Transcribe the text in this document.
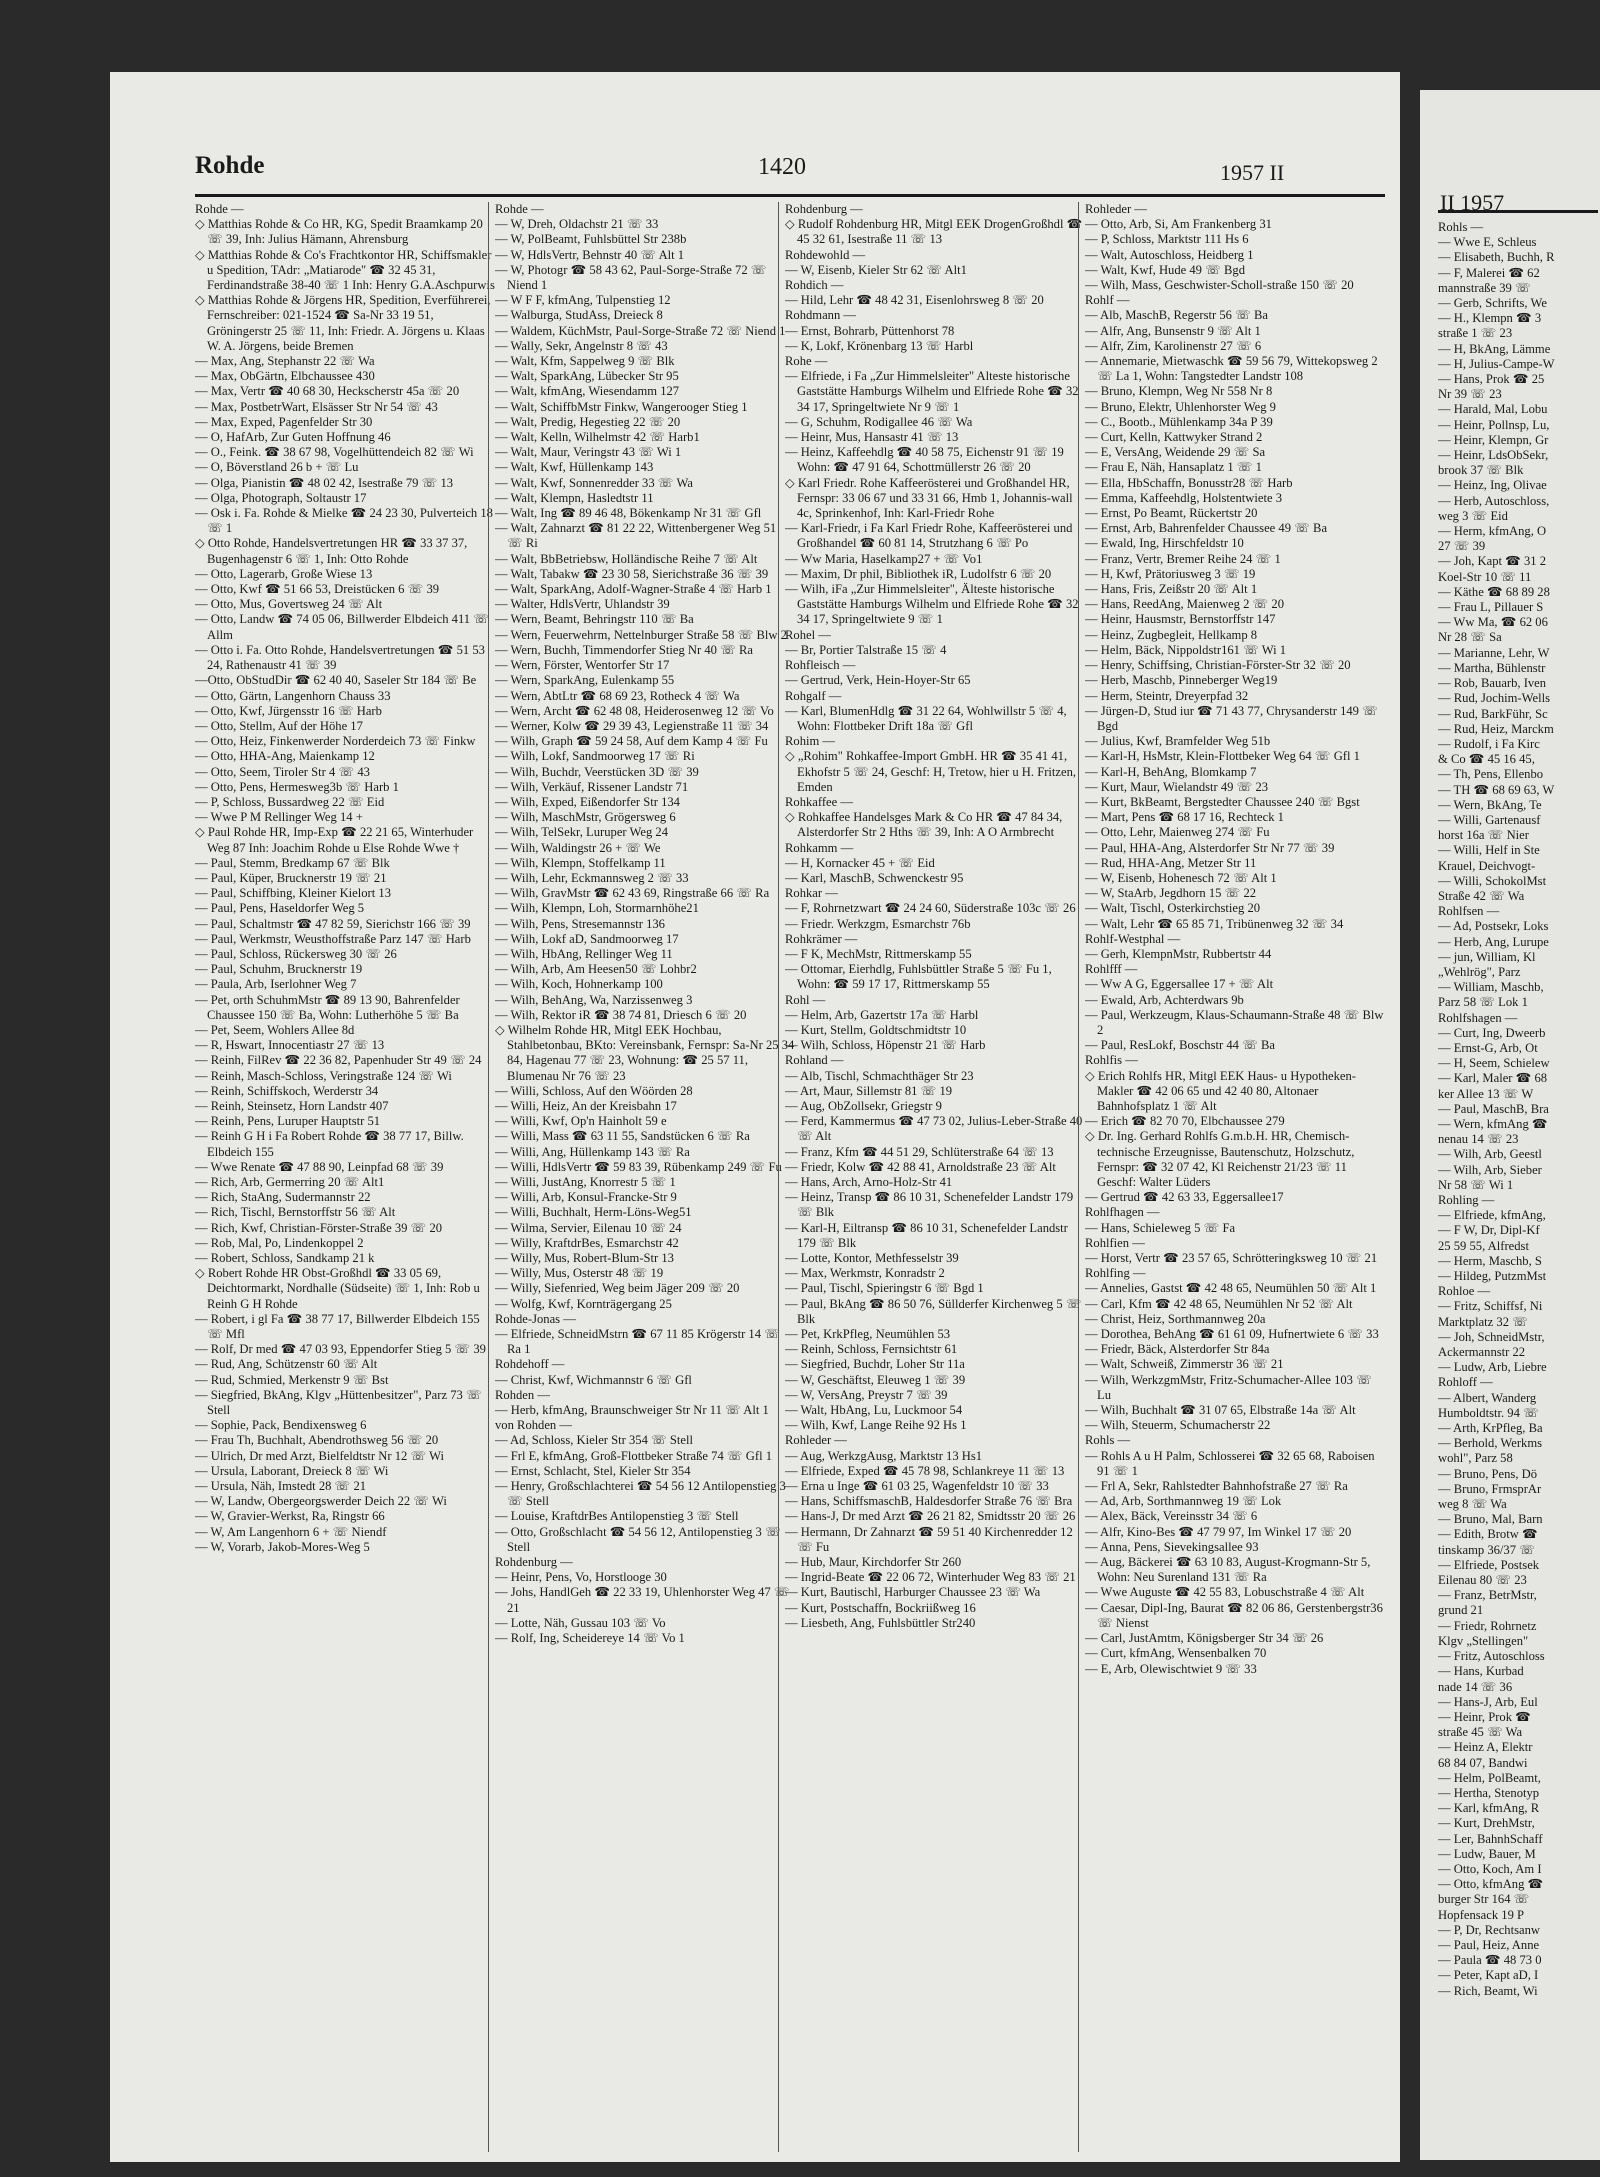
Rohde	1420	1957 II

Rohde —

◇ Matthias Rohde & Co HR, KG, Spedit Braamkamp 20 ☏ 39, Inh: Julius Hämann, Ahrensburg

◇ Matthias Rohde & Co's Frachtkontor HR, Schiffsmakler u Spedition, TAdr: „Matiarode" ☎ 32 45 31, Ferdinandstraße 38-40 ☏ 1 Inh: Henry G.A.Aschpurwis

◇ Matthias Rohde & Jörgens HR, Spedition, Everführerei, Fernschreiber: 021-1524 ☎ Sa-Nr 33 19 51, Gröningerstr 25 ☏ 11, Inh: Friedr. A. Jörgens u. Klaas W. A. Jörgens, beide Bremen

— Max, Ang, Stephanstr 22 ☏ Wa

— Max, ObGärtn, Elbchaussee 430

— Max, Vertr ☎ 40 68 30, Heckscherstr 45a ☏ 20

— Max, PostbetrWart, Elsässer Str Nr 54 ☏ 43

— Max, Exped, Pagenfelder Str 30

— O, HafArb, Zur Guten Hoffnung 46

— O., Feink. ☎ 38 67 98, Vogelhüttendeich 82 ☏ Wi

— O, Böverstland 26 b + ☏ Lu

— Olga, Pianistin ☎ 48 02 42, Isestraße 79 ☏ 13

— Olga, Photograph, Soltaustr 17

— Osk i. Fa. Rohde & Mielke ☎ 24 23 30, Pulverteich 18 ☏ 1

◇ Otto Rohde, Handelsvertretungen HR ☎ 33 37 37, Bugenhagenstr 6 ☏ 1, Inh: Otto Rohde

— Otto, Lagerarb, Große Wiese 13

— Otto, Kwf ☎ 51 66 53, Dreistücken 6 ☏ 39

— Otto, Mus, Govertsweg 24 ☏ Alt

— Otto, Landw ☎ 74 05 06, Billwerder Elbdeich 411 ☏ Allm

— Otto i. Fa. Otto Rohde, Handelsvertretungen ☎ 51 53 24, Rathenaustr 41 ☏ 39

—Otto, ObStudDir ☎ 62 40 40, Saseler Str 184 ☏ Be

— Otto, Gärtn, Langenhorn Chauss 33

— Otto, Kwf, Jürgensstr 16 ☏ Harb

— Otto, Stellm, Auf der Höhe 17

— Otto, Heiz, Finkenwerder Norderdeich 73 ☏ Finkw

— Otto, HHA-Ang, Maienkamp 12

— Otto, Seem, Tiroler Str 4 ☏ 43

— Otto, Pens, Hermesweg3b ☏ Harb 1

— P, Schloss, Bussardweg 22 ☏ Eid

— Wwe P M Rellinger Weg 14 +

◇ Paul Rohde HR, Imp-Exp ☎ 22 21 65, Winterhuder Weg 87 Inh: Joachim Rohde u Else Rohde Wwe †

— Paul, Stemm, Bredkamp 67 ☏ Blk

— Paul, Küper, Brucknerstr 19 ☏ 21

— Paul, Schiffbing, Kleiner Kielort 13

— Paul, Pens, Haseldorfer Weg 5

— Paul, Schaltmstr ☎ 47 82 59, Sierichstr 166 ☏ 39

— Paul, Werkmstr, Weusthoffstraße Parz 147 ☏ Harb

— Paul, Schloss, Rückersweg 30 ☏ 26

— Paul, Schuhm, Brucknerstr 19

— Paula, Arb, Iserlohner Weg 7

— Pet, orth SchuhmMstr ☎ 89 13 90, Bahrenfelder Chaussee 150 ☏ Ba, Wohn: Lutherhöhe 5 ☏ Ba

— Pet, Seem, Wohlers Allee 8d

— R, Hswart, Innocentiastr 27 ☏ 13

— Reinh, FilRev ☎ 22 36 82, Papenhuder Str 49 ☏ 24

— Reinh, Masch-Schloss, Veringstraße 124 ☏ Wi

— Reinh, Schiffskoch, Werderstr 34

— Reinh, Steinsetz, Horn Landstr 407

— Reinh, Pens, Luruper Hauptstr 51

— Reinh G H i Fa Robert Rohde ☎ 38 77 17, Billw. Elbdeich 155

— Wwe Renate ☎ 47 88 90, Leinpfad 68 ☏ 39

— Rich, Arb, Germerring 20 ☏ Alt1

— Rich, StaAng, Sudermannstr 22

— Rich, Tischl, Bernstorffstr 56 ☏ Alt

— Rich, Kwf, Christian-Förster-Straße 39 ☏ 20

— Rob, Mal, Po, Lindenkoppel 2

— Robert, Schloss, Sandkamp 21 k

◇ Robert Rohde HR Obst-Großhdl ☎ 33 05 69, Deichtormarkt, Nordhalle (Südseite) ☏ 1, Inh: Rob u Reinh G H Rohde

— Robert, i gl Fa ☎ 38 77 17, Billwerder Elbdeich 155 ☏ Mfl

— Rolf, Dr med ☎ 47 03 93, Eppendorfer Stieg 5 ☏ 39

— Rud, Ang, Schützenstr 60 ☏ Alt

— Rud, Schmied, Merkenstr 9 ☏ Bst

— Siegfried, BkAng, Klgv „Hüttenbesitzer", Parz 73 ☏ Stell

— Sophie, Pack, Bendixensweg 6

— Frau Th, Buchhalt, Abendrothsweg 56 ☏ 20

— Ulrich, Dr med Arzt, Bielfeldtstr Nr 12 ☏ Wi

— Ursula, Laborant, Dreieck 8 ☏ Wi

— Ursula, Näh, Imstedt 28 ☏ 21

— W, Landw, Obergeorgswerder Deich 22 ☏ Wi

— W, Gravier-Werkst, Ra, Ringstr 66

— W, Am Langenhorn 6 + ☏ Niendf

— W, Vorarb, Jakob-Mores-Weg 5

Rohde —

— W, Dreh, Oldachstr 21 ☏ 33

— W, PolBeamt, Fuhlsbüttel Str 238b

— W, HdlsVertr, Behnstr 40 ☏ Alt 1

— W, Photogr ☎ 58 43 62, Paul-Sorge-Straße 72 ☏ Niend 1

— W F F, kfmAng, Tulpenstieg 12

— Walburga, StudAss, Dreieck 8

— Waldem, KüchMstr, Paul-Sorge-Straße 72 ☏ Niend 1

— Wally, Sekr, Angelnstr 8 ☏ 43

— Walt, Kfm, Sappelweg 9 ☏ Blk

— Walt, SparkAng, Lübecker Str 95

— Walt, kfmAng, Wiesendamm 127

— Walt, SchiffbMstr Finkw, Wangerooger Stieg 1

— Walt, Predig, Hegestieg 22 ☏ 20

— Walt, Kelln, Wilhelmstr 42 ☏ Harb1

— Walt, Maur, Veringstr 43 ☏ Wi 1

— Walt, Kwf, Hüllenkamp 143

— Walt, Kwf, Sonnenredder 33 ☏ Wa

— Walt, Klempn, Hasledtstr 11

— Walt, Ing ☎ 89 46 48, Bökenkamp Nr 31 ☏ Gfl

— Walt, Zahnarzt ☎ 81 22 22, Wittenbergener Weg 51 ☏ Ri

— Walt, BbBetriebsw, Holländische Reihe 7 ☏ Alt

— Walt, Tabakw ☎ 23 30 58, Sierichstraße 36 ☏ 39

— Walt, SparkAng, Adolf-Wagner-Straße 4 ☏ Harb 1

— Walter, HdlsVertr, Uhlandstr 39

— Wern, Beamt, Behringstr 110 ☏ Ba

— Wern, Feuerwehrm, Nettelnburger Straße 58 ☏ Blw 2

— Wern, Buchh, Timmendorfer Stieg Nr 40 ☏ Ra

— Wern, Förster, Wentorfer Str 17

— Wern, SparkAng, Eulenkamp 55

— Wern, AbtLtr ☎ 68 69 23, Rotheck 4 ☏ Wa

— Wern, Archt ☎ 62 48 08, Heiderosenweg 12 ☏ Vo

— Werner, Kolw ☎ 29 39 43, Legienstraße 11 ☏ 34

— Wilh, Graph ☎ 59 24 58, Auf dem Kamp 4 ☏ Fu

— Wilh, Lokf, Sandmoorweg 17 ☏ Ri

— Wilh, Buchdr, Veerstücken 3D ☏ 39

— Wilh, Verkäuf, Rissener Landstr 71

— Wilh, Exped, Eißendorfer Str 134

— Wilh, MaschMstr, Grögersweg 6

— Wilh, TelSekr, Luruper Weg 24

— Wilh, Waldingstr 26 + ☏ We

— Wilh, Klempn, Stoffelkamp 11

— Wilh, Lehr, Eckmannsweg 2 ☏ 33

— Wilh, GravMstr ☎ 62 43 69, Ringstraße 66 ☏ Ra

— Wilh, Klempn, Loh, Stormarnhöhe21

— Wilh, Pens, Stresemannstr 136

— Wilh, Lokf aD, Sandmoorweg 17

— Wilh, HbAng, Rellinger Weg 11

— Wilh, Arb, Am Heesen50 ☏ Lohbr2

— Wilh, Koch, Hohnerkamp 100

— Wilh, BehAng, Wa, Narzissenweg 3

— Wilh, Rektor iR ☎ 38 74 81, Driesch 6 ☏ 20

◇ Wilhelm Rohde HR, Mitgl EEK Hochbau, Stahlbetonbau, BKto: Vereinsbank, Fernspr: Sa-Nr 25 34 84, Hagenau 77 ☏ 23, Wohnung: ☎ 25 57 11, Blumenau Nr 76 ☏ 23

— Willi, Schloss, Auf den Wöörden 28

— Willi, Heiz, An der Kreisbahn 17

— Willi, Kwf, Op'n Hainholt 59 e

— Willi, Mass ☎ 63 11 55, Sandstücken 6 ☏ Ra

— Willi, Ang, Hüllenkamp 143 ☏ Ra

— Willi, HdlsVertr ☎ 59 83 39, Rübenkamp 249 ☏ Fu

— Willi, JustAng, Knorrestr 5 ☏ 1

— Willi, Arb, Konsul-Francke-Str 9

— Willi, Buchhalt, Herm-Löns-Weg51

— Wilma, Servier, Eilenau 10 ☏ 24

— Willy, KraftdrBes, Esmarchstr 42

— Willy, Mus, Robert-Blum-Str 13

— Willy, Mus, Osterstr 48 ☏ 19

— Willy, Siefenried, Weg beim Jäger 209 ☏ 20

— Wolfg, Kwf, Kornträgergang 25

Rohde-Jonas —

— Elfriede, SchneidMstrn ☎ 67 11 85 Krögerstr 14 ☏ Ra 1

Rohdehoff —

— Christ, Kwf, Wichmannstr 6 ☏ Gfl

Rohden —

— Herb, kfmAng, Braunschweiger Str Nr 11 ☏ Alt 1

von Rohden —

— Ad, Schloss, Kieler Str 354 ☏ Stell

— Frl E, kfmAng, Groß-Flottbeker Straße 74 ☏ Gfl 1

— Ernst, Schlacht, Stel, Kieler Str 354

— Henry, Großschlachterei ☎ 54 56 12 Antilopenstieg 3 ☏ Stell

— Louise, KraftdrBes Antilopenstieg 3 ☏ Stell

— Otto, Großschlacht ☎ 54 56 12, Antilopenstieg 3 ☏ Stell

Rohdenburg —

— Heinr, Pens, Vo, Horstlooge 30

— Johs, HandlGeh ☎ 22 33 19, Uhlenhorster Weg 47 ☏ 21

— Lotte, Näh, Gussau 103 ☏ Vo

— Rolf, Ing, Scheidereye 14 ☏ Vo 1

Rohdenburg —

◇ Rudolf Rohdenburg HR, Mitgl EEK DrogenGroßhdl ☎ 45 32 61, Isestraße 11 ☏ 13

Rohdewohld —

— W, Eisenb, Kieler Str 62 ☏ Alt1

Rohdich —

— Hild, Lehr ☎ 48 42 31, Eisenlohrsweg 8 ☏ 20

Rohdmann —

— Ernst, Bohrarb, Püttenhorst 78

— K, Lokf, Krönenbarg 13 ☏ Harbl

Rohe —

— Elfriede, i Fa „Zur Himmelsleiter" Alteste historische Gaststätte Hamburgs Wilhelm und Elfriede Rohe ☎ 32 34 17, Springeltwiete Nr 9 ☏ 1

— G, Schuhm, Rodigallee 46 ☏ Wa

— Heinr, Mus, Hansastr 41 ☏ 13

— Heinz, Kaffeehdlg ☎ 40 58 75, Eichenstr 91 ☏ 19 Wohn: ☎ 47 91 64, Schottmüllerstr 26 ☏ 20

◇ Karl Friedr. Rohe Kaffeerösterei und Großhandel HR, Fernspr: 33 06 67 und 33 31 66, Hmb 1, Johannis-wall 4c, Sprinkenhof, Inh: Karl-Friedr Rohe

— Karl-Friedr, i Fa Karl Friedr Rohe, Kaffeerösterei und Großhandel ☎ 60 81 14, Strutzhang 6 ☏ Po

— Ww Maria, Haselkamp27 + ☏ Vo1

— Maxim, Dr phil, Bibliothek iR, Ludolfstr 6 ☏ 20

— Wilh, iFa „Zur Himmelsleiter", Älteste historische Gaststätte Hamburgs Wilhelm und Elfriede Rohe ☎ 32 34 17, Springeltwiete 9 ☏ 1

Rohel —

— Br, Portier Talstraße 15 ☏ 4

Rohfleisch —

— Gertrud, Verk, Hein-Hoyer-Str 65

Rohgalf —

— Karl, BlumenHdlg ☎ 31 22 64, Wohlwillstr 5 ☏ 4, Wohn: Flottbeker Drift 18a ☏ Gfl

Rohim —

◇ „Rohim" Rohkaffee-Import GmbH. HR ☎ 35 41 41, Ekhofstr 5 ☏ 24, Geschf: H, Tretow, hier u H. Fritzen, Emden

Rohkaffee —

◇ Rohkaffee Handelsges Mark & Co HR ☎ 47 84 34, Alsterdorfer Str 2 Hths ☏ 39, Inh: A O Armbrecht

Rohkamm —

— H, Kornacker 45 + ☏ Eid

— Karl, MaschB, Schwenckestr 95

Rohkar —

— F, Rohrnetzwart ☎ 24 24 60, Süderstraße 103c ☏ 26

— Friedr. Werkzgm, Esmarchstr 76b

Rohkrämer —

— F K, MechMstr, Rittmerskamp 55

— Ottomar, Eierhdlg, Fuhlsbüttler Straße 5 ☏ Fu 1, Wohn: ☎ 59 17 17, Rittmerskamp 55

Rohl —

— Helm, Arb, Gazertstr 17a ☏ Harbl

— Kurt, Stellm, Goldtschmidtstr 10

— Wilh, Schloss, Höpenstr 21 ☏ Harb

Rohland —

— Alb, Tischl, Schmachthäger Str 23

— Art, Maur, Sillemstr 81 ☏ 19

— Aug, ObZollsekr, Griegstr 9

— Ferd, Kammermus ☎ 47 73 02, Julius-Leber-Straße 40 ☏ Alt

— Franz, Kfm ☎ 44 51 29, Schlüterstraße 64 ☏ 13

— Friedr, Kolw ☎ 42 88 41, Arnoldstraße 23 ☏ Alt

— Hans, Arch, Arno-Holz-Str 41

— Heinz, Transp ☎ 86 10 31, Schenefelder Landstr 179 ☏ Blk

— Karl-H, Eiltransp ☎ 86 10 31, Schenefelder Landstr 179 ☏ Blk

— Lotte, Kontor, Methfesselstr 39

— Max, Werkmstr, Konradstr 2

— Paul, Tischl, Spieringstr 6 ☏ Bgd 1

— Paul, BkAng ☎ 86 50 76, Süllderfer Kirchenweg 5 ☏ Blk

— Pet, KrkPfleg, Neumühlen 53

— Reinh, Schloss, Fernsichtstr 61

— Siegfried, Buchdr, Loher Str 11a

— W, Geschäftst, Eleuweg 1 ☏ 39

— W, VersAng, Preystr 7 ☏ 39

— Walt, HbAng, Lu, Luckmoor 54

— Wilh, Kwf, Lange Reihe 92 Hs 1

Rohleder —

— Aug, WerkzgAusg, Marktstr 13 Hs1

— Elfriede, Exped ☎ 45 78 98, Schlankreye 11 ☏ 13

— Erna u Inge ☎ 61 03 25, Wagenfeldstr 10 ☏ 33

— Hans, SchiffsmaschB, Haldesdorfer Straße 76 ☏ Bra

— Hans-J, Dr med Arzt ☎ 26 21 82, Smidtsstr 20 ☏ 26

— Hermann, Dr Zahnarzt ☎ 59 51 40 Kirchenredder 12 ☏ Fu

— Hub, Maur, Kirchdorfer Str 260

— Ingrid-Beate ☎ 22 06 72, Winterhuder Weg 83 ☏ 21

— Kurt, Bautischl, Harburger Chaussee 23 ☏ Wa

— Kurt, Postschaffn, Bockriißweg 16

— Liesbeth, Ang, Fuhlsbüttler Str240

Rohleder —

— Otto, Arb, Si, Am Frankenberg 31

— P, Schloss, Marktstr 111 Hs 6

— Walt, Autoschloss, Heidberg 1

— Walt, Kwf, Hude 49 ☏ Bgd

— Wilh, Mass, Geschwister-Scholl-straße 150 ☏ 20

Rohlf —

— Alb, MaschB, Regerstr 56 ☏ Ba

— Alfr, Ang, Bunsenstr 9 ☏ Alt 1

— Alfr, Zim, Karolinenstr 27 ☏ 6

— Annemarie, Mietwaschk ☎ 59 56 79, Wittekopsweg 2 ☏ La 1, Wohn: Tangstedter Landstr 108

— Bruno, Klempn, Weg Nr 558 Nr 8

— Bruno, Elektr, Uhlenhorster Weg 9

— C., Bootb., Mühlenkamp 34a P 39

— Curt, Kelln, Kattwyker Strand 2

— E, VersAng, Weidende 29 ☏ Sa

— Frau E, Näh, Hansaplatz 1 ☏ 1

— Ella, HbSchaffn, Bonusstr28 ☏ Harb

— Emma, Kaffeehdlg, Holstentwiete 3

— Ernst, Po Beamt, Rückertstr 20

— Ernst, Arb, Bahrenfelder Chaussee 49 ☏ Ba

— Ewald, Ing, Hirschfeldstr 10

— Franz, Vertr, Bremer Reihe 24 ☏ 1

— H, Kwf, Prätoriusweg 3 ☏ 19

— Hans, Fris, Zeißstr 20 ☏ Alt 1

— Hans, ReedAng, Maienweg 2 ☏ 20

— Heinr, Hausmstr, Bernstorffstr 147

— Heinz, Zugbegleit, Hellkamp 8

— Helm, Bäck, Nippoldstr161 ☏ Wi 1

— Henry, Schiffsing, Christian-Förster-Str 32 ☏ 20

— Herb, Maschb, Pinneberger Weg19

— Herm, Steintr, Dreyerpfad 32

— Jürgen-D, Stud iur ☎ 71 43 77, Chrysanderstr 149 ☏ Bgd

— Julius, Kwf, Bramfelder Weg 51b

— Karl-H, HsMstr, Klein-Flottbeker Weg 64 ☏ Gfl 1

— Karl-H, BehAng, Blomkamp 7

— Kurt, Maur, Wielandstr 49 ☏ 23

— Kurt, BkBeamt, Bergstedter Chaussee 240 ☏ Bgst

— Mart, Pens ☎ 68 17 16, Rechteck 1

— Otto, Lehr, Maienweg 274 ☏ Fu

— Paul, HHA-Ang, Alsterdorfer Str Nr 77 ☏ 39

— Rud, HHA-Ang, Metzer Str 11

— W, Eisenb, Hohenesch 72 ☏ Alt 1

— W, StaArb, Jegdhorn 15 ☏ 22

— Walt, Tischl, Osterkirchstieg 20

— Walt, Lehr ☎ 65 85 71, Tribünenweg 32 ☏ 34

Rohlf-Westphal —

— Gerh, KlempnMstr, Rubbertstr 44

Rohlfff —

— Ww A G, Eggersallee 17 + ☏ Alt

— Ewald, Arb, Achterdwars 9b

— Paul, Werkzeugm, Klaus-Schaumann-Straße 48 ☏ Blw 2

— Paul, ResLokf, Boschstr 44 ☏ Ba

Rohlfis —

◇ Erich Rohlfs HR, Mitgl EEK Haus- u Hypotheken-Makler ☎ 42 06 65 und 42 40 80, Altonaer Bahnhofsplatz 1 ☏ Alt

— Erich ☎ 82 70 70, Elbchaussee 279

◇ Dr. Ing. Gerhard Rohlfs G.m.b.H. HR, Chemisch-technische Erzeugnisse, Bautenschutz, Holzschutz, Fernspr: ☎ 32 07 42, Kl Reichenstr 21/23 ☏ 11 Geschf: Walter Lüders

— Gertrud ☎ 42 63 33, Eggersallee17

Rohlfhagen —

— Hans, Schieleweg 5 ☏ Fa

Rohlfien —

— Horst, Vertr ☎ 23 57 65, Schrötteringksweg 10 ☏ 21

Rohlfing —

— Annelies, Gastst ☎ 42 48 65, Neumühlen 50 ☏ Alt 1

— Carl, Kfm ☎ 42 48 65, Neumühlen Nr 52 ☏ Alt

— Christ, Heiz, Sorthmannweg 20a

— Dorothea, BehAng ☎ 61 61 09, Hufnertwiete 6 ☏ 33

— Friedr, Bäck, Alsterdorfer Str 84a

— Walt, Schweiß, Zimmerstr 36 ☏ 21

— Wilh, WerkzgmMstr, Fritz-Schumacher-Allee 103 ☏ Lu

— Wilh, Buchhalt ☎ 31 07 65, Elbstraße 14a ☏ Alt

— Wilh, Steuerm, Schumacherstr 22

Rohls —

— Rohls A u H Palm, Schlosserei ☎ 32 65 68, Raboisen 91 ☏ 1

— Frl A, Sekr, Rahlstedter Bahnhofstraße 27 ☏ Ra

— Ad, Arb, Sorthmannweg 19 ☏ Lok

— Alex, Bäck, Vereinsstr 34 ☏ 6

— Alfr, Kino-Bes ☎ 47 79 97, Im Winkel 17 ☏ 20

— Anna, Pens, Sievekingsallee 93

— Aug, Bäckerei ☎ 63 10 83, August-Krogmann-Str 5, Wohn: Neu Surenland 131 ☏ Ra

— Wwe Auguste ☎ 42 55 83, Lobuschstraße 4 ☏ Alt

— Caesar, Dipl-Ing, Baurat ☎ 82 06 86, Gerstenbergstr36 ☏ Nienst

— Carl, JustAmtm, Königsberger Str 34 ☏ 26

— Curt, kfmAng, Wensenbalken 70

— E, Arb, Olewischtwiet 9 ☏ 33

II 1957

Rohls —

— Wwe E, Schleus

— Elisabeth, Buchh, R

— F, Malerei ☎ 62

mannstraße 39 ☏

— Gerb, Schrifts, We

— H., Klempn ☎ 3

straße 1 ☏ 23

— H, BkAng, Lämme

— H, Julius-Campe-W

— Hans, Prok ☎ 25

Nr 39 ☏ 23

— Harald, Mal, Lobu

— Heinr, Pollnsp, Lu,

— Heinr, Klempn, Gr

— Heinr, LdsObSekr,

brook 37 ☏ Blk

— Heinz, Ing, Olivae

— Herb, Autoschloss,

weg 3 ☏ Eid

— Herm, kfmAng, O

27 ☏ 39

— Joh, Kapt ☎ 31 2

Koel-Str 10 ☏ 11

— Käthe ☎ 68 89 28

— Frau L, Pillauer S

— Ww Ma, ☎ 62 06

Nr 28 ☏ Sa

— Marianne, Lehr, W

— Martha, Bühlenstr

— Rob, Bauarb, Iven

— Rud, Jochim-Wells

— Rud, BarkFühr, Sc

— Rud, Heiz, Marckm

— Rudolf, i Fa Kirc

& Co ☎ 45 16 45,

— Th, Pens, Ellenbo

— TH ☎ 68 69 63, W

— Wern, BkAng, Te

— Willi, Gartenausf

horst 16a ☏ Nier

— Willi, Helf in Ste

Krauel, Deichvogt-

— Willi, SchokolMst

Straße 42 ☏ Wa

Rohlfsen —

— Ad, Postsekr, Loks

— Herb, Ang, Lurupe

— jun, William, Kl

„Wehlrög", Parz

— William, Maschb,

Parz 58 ☏ Lok 1

Rohlfshagen —

— Curt, Ing, Dweerb

— Ernst-G, Arb, Ot

— H, Seem, Schielew

— Karl, Maler ☎ 68

ker Allee 13 ☏ W

— Paul, MaschB, Bra

— Wern, kfmAng ☎

nenau 14 ☏ 23

— Wilh, Arb, Geestl

— Wilh, Arb, Sieber

Nr 58 ☏ Wi 1

Rohling —

— Elfriede, kfmAng,

— F W, Dr, Dipl-Kf

25 59 55, Alfredst

— Herm, Maschb, S

— Hildeg, PutzmMst

Rohloe —

— Fritz, Schiffsf, Ni

Marktplatz 32 ☏

— Joh, SchneidMstr,

Ackermannstr 22

— Ludw, Arb, Liebre

Rohloff —

— Albert, Wanderg

Humboldtstr. 94 ☏

— Arth, KrPfleg, Ba

— Berhold, Werkms

wohl", Parz 58

— Bruno, Pens, Dö

— Bruno, FrmsprAr

weg 8 ☏ Wa

— Bruno, Mal, Barn

— Edith, Brotw ☎

tinskamp 36/37 ☏

— Elfriede, Postsek

Eilenau 80 ☏ 23

— Franz, BetrMstr,

grund 21

— Friedr, Rohrnetz

Klgv „Stellingen"

— Fritz, Autoschloss

— Hans, Kurbad

nade 14 ☏ 36

— Hans-J, Arb, Eul

— Heinr, Prok ☎

straße 45 ☏ Wa

— Heinz A, Elektr

68 84 07, Bandwi

— Helm, PolBeamt,

— Hertha, Stenotyp

— Karl, kfmAng, R

— Kurt, DrehMstr,

— Ler, BahnhSchaff

— Ludw, Bauer, M

— Otto, Koch, Am I

— Otto, kfmAng ☎

burger Str 164 ☏

Hopfensack 19 P

— P, Dr, Rechtsanw

— Paul, Heiz, Anne

— Paula ☎ 48 73 0

— Peter, Kapt aD, I

— Rich, Beamt, Wi
